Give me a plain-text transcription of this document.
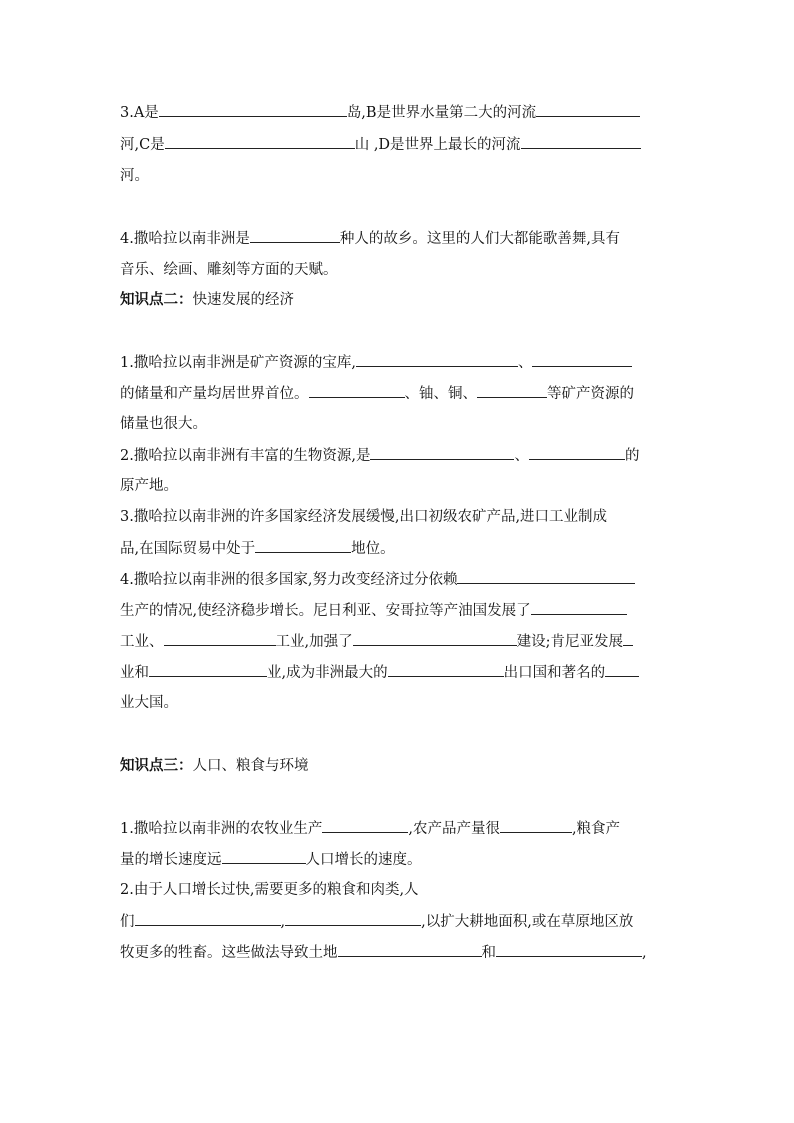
3.A是	岛,B是世界水量第二大的河流
河,C是	山 ,D是世界上最长的河流
河。
4.撒哈拉以南非洲是	种人的故乡。这里的人们大都能歌善舞,具有
音乐、绘画、雕刻等方面的天赋。
知识点二：快速发展的经济
1.撒哈拉以南非洲是矿产资源的宝库,	、
的储量和产量均居世界首位。	、铀、铜、	等矿产资源的
储量也很大。
2.撒哈拉以南非洲有丰富的生物资源,是	、	的
原产地。
3.撒哈拉以南非洲的许多国家经济发展缓慢,出口初级农矿产品,进口工业制成
品,在国际贸易中处于	地位。
4.撒哈拉以南非洲的很多国家,努力改变经济过分依赖
生产的情况,使经济稳步增长。尼日利亚、安哥拉等产油国发展了
工业、	工业,加强了	建设;肯尼亚发展
业和	业,成为非洲最大的	出口国和著名的
业大国。
知识点三：人口、粮食与环境
1.撒哈拉以南非洲的农牧业生产	,农产品产量很	,粮食产
量的增长速度远	人口增长的速度。
2.由于人口增长过快,需要更多的粮食和肉类,人
们	,	,以扩大耕地面积,或在草原地区放
牧更多的牲畜。这些做法导致土地	和	,
